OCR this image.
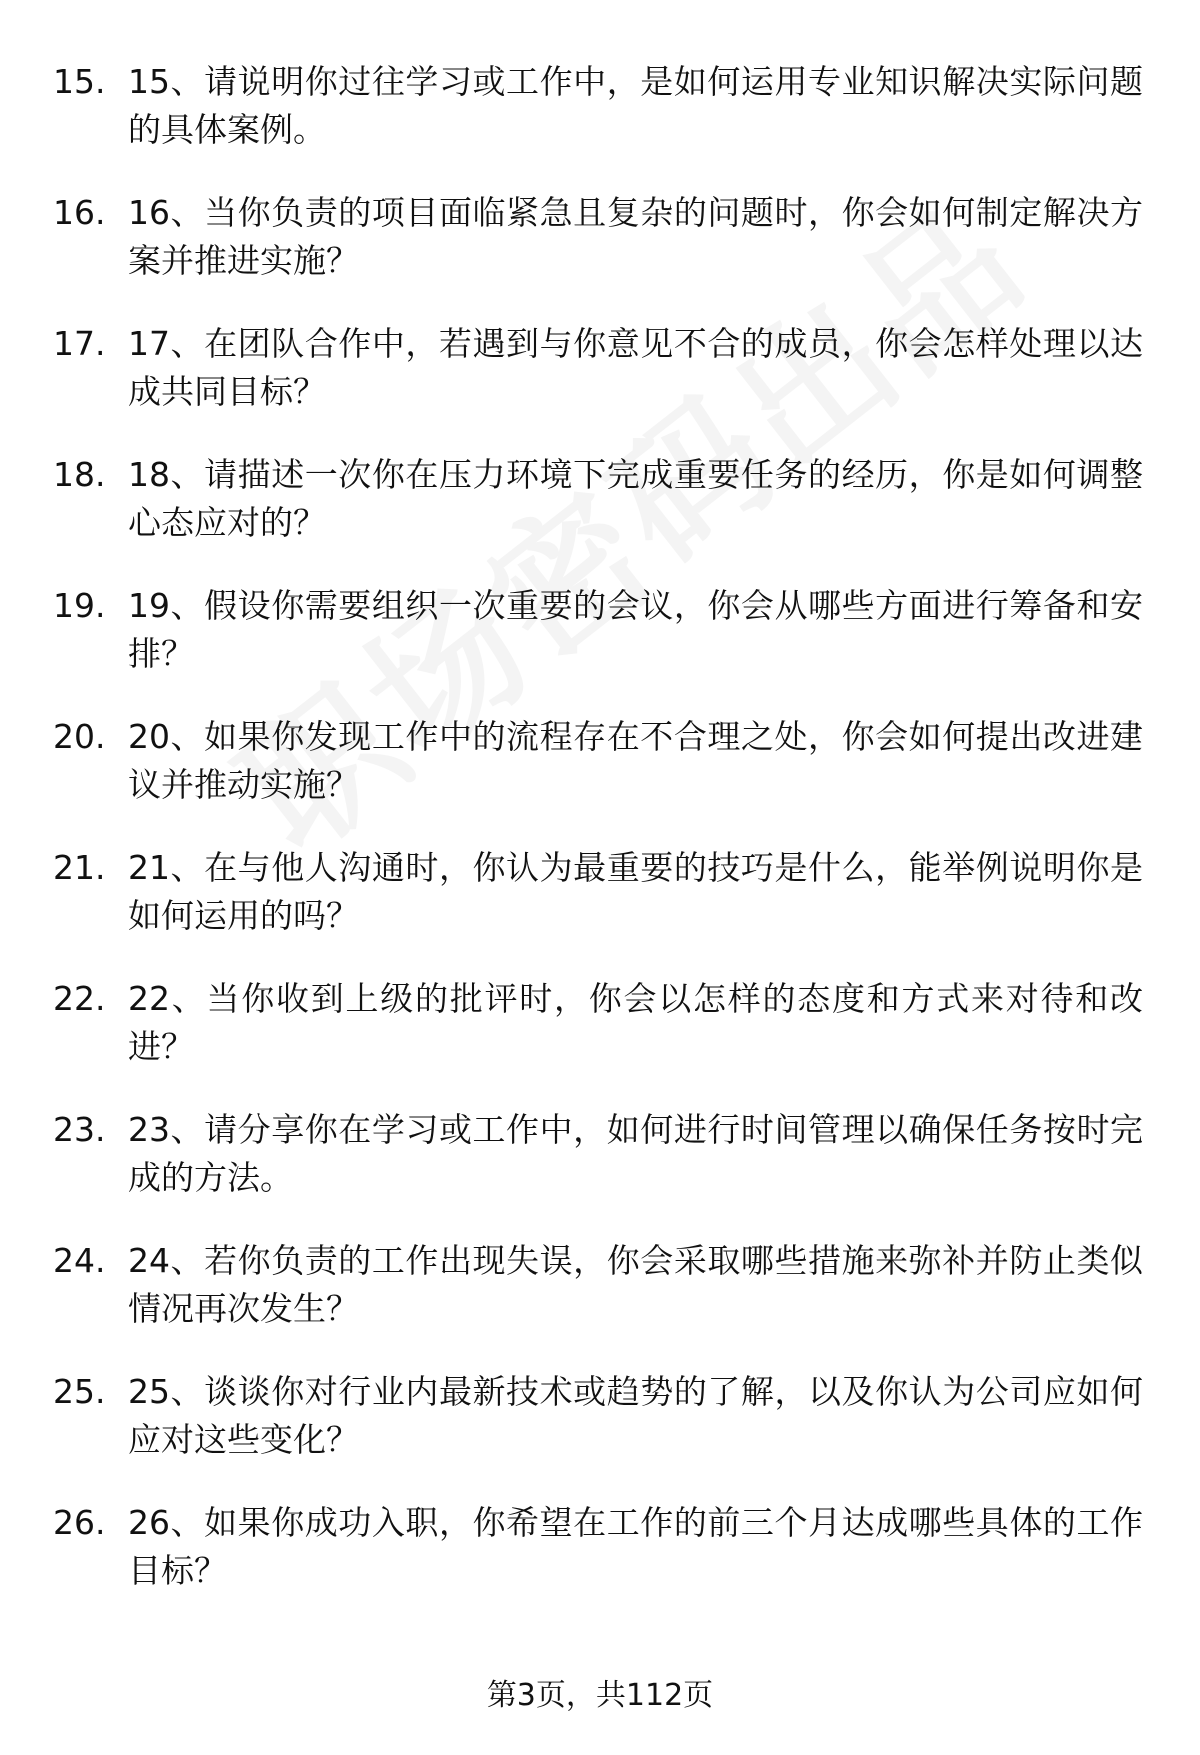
15. 15、请说明你过往学习或工作中，是如何运用专业知识解决实际问题的具体案例。
16. 16、当你负责的项目面临紧急且复杂的问题时，你会如何制定解决方案并推进实施？
17. 17、在团队合作中，若遇到与你意见不合的成员，你会怎样处理以达成共同目标？
18. 18、请描述一次你在压力环境下完成重要任务的经历，你是如何调整心态应对的？
19. 19、假设你需要组织一次重要的会议，你会从哪些方面进行筹备和安排？
20. 20、如果你发现工作中的流程存在不合理之处，你会如何提出改进建议并推动实施？
21. 21、在与他人沟通时，你认为最重要的技巧是什么，能举例说明你是如何运用的吗？
22. 22、当你收到上级的批评时，你会以怎样的态度和方式来对待和改进？
23. 23、请分享你在学习或工作中，如何进行时间管理以确保任务按时完成的方法。
24. 24、若你负责的工作出现失误，你会采取哪些措施来弥补并防止类似情况再次发生？
25. 25、谈谈你对行业内最新技术或趋势的了解，以及你认为公司应如何应对这些变化？
26. 26、如果你成功入职，你希望在工作的前三个月达成哪些具体的工作目标？
第3页，共112页
